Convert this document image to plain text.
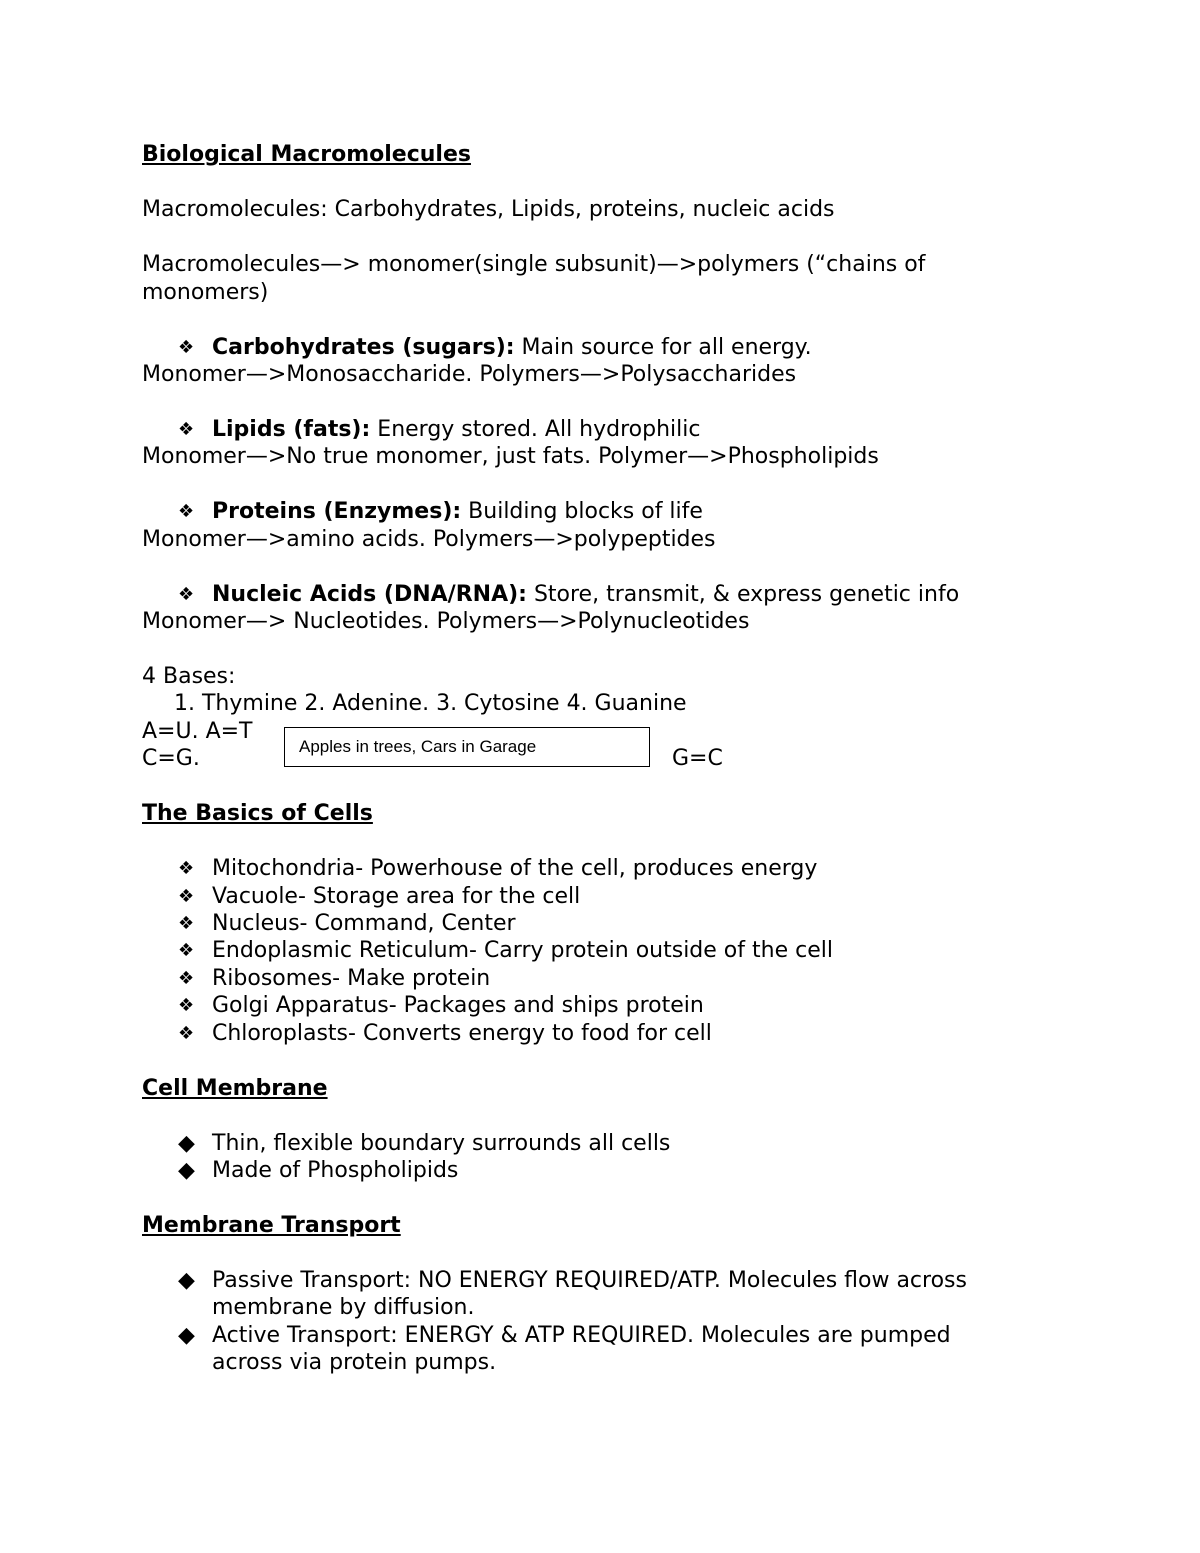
Biological Macromolecules
Macromolecules: Carbohydrates, Lipids, proteins, nucleic acids
Macromolecules—> monomer(single subsunit)—>polymers (“chains of
monomers)
❖ Carbohydrates (sugars): Main source for all energy.
Monomer—>Monosaccharide. Polymers—>Polysaccharides
❖ Lipids (fats): Energy stored. All hydrophilic
Monomer—>No true monomer, just fats. Polymer—>Phospholipids
❖ Proteins (Enzymes): Building blocks of life
Monomer—>amino acids. Polymers—>polypeptides
❖ Nucleic Acids (DNA/RNA): Store, transmit, & express genetic info
Monomer—> Nucleotides. Polymers—>Polynucleotides
4 Bases:
1. Thymine 2. Adenine. 3. Cytosine 4. Guanine
A=U. A=T
C=G.	G=C
Apples in trees, Cars in Garage
The Basics of Cells
❖ Mitochondria- Powerhouse of the cell, produces energy
❖ Vacuole- Storage area for the cell
❖ Nucleus- Command, Center
❖ Endoplasmic Reticulum- Carry protein outside of the cell
❖ Ribosomes- Make protein
❖ Golgi Apparatus- Packages and ships protein
❖ Chloroplasts- Converts energy to food for cell
Cell Membrane
◆ Thin, flexible boundary surrounds all cells
◆ Made of Phospholipids
Membrane Transport
◆ Passive Transport: NO ENERGY REQUIRED/ATP. Molecules flow across
membrane by diffusion.
◆ Active Transport: ENERGY & ATP REQUIRED. Molecules are pumped
across via protein pumps.
